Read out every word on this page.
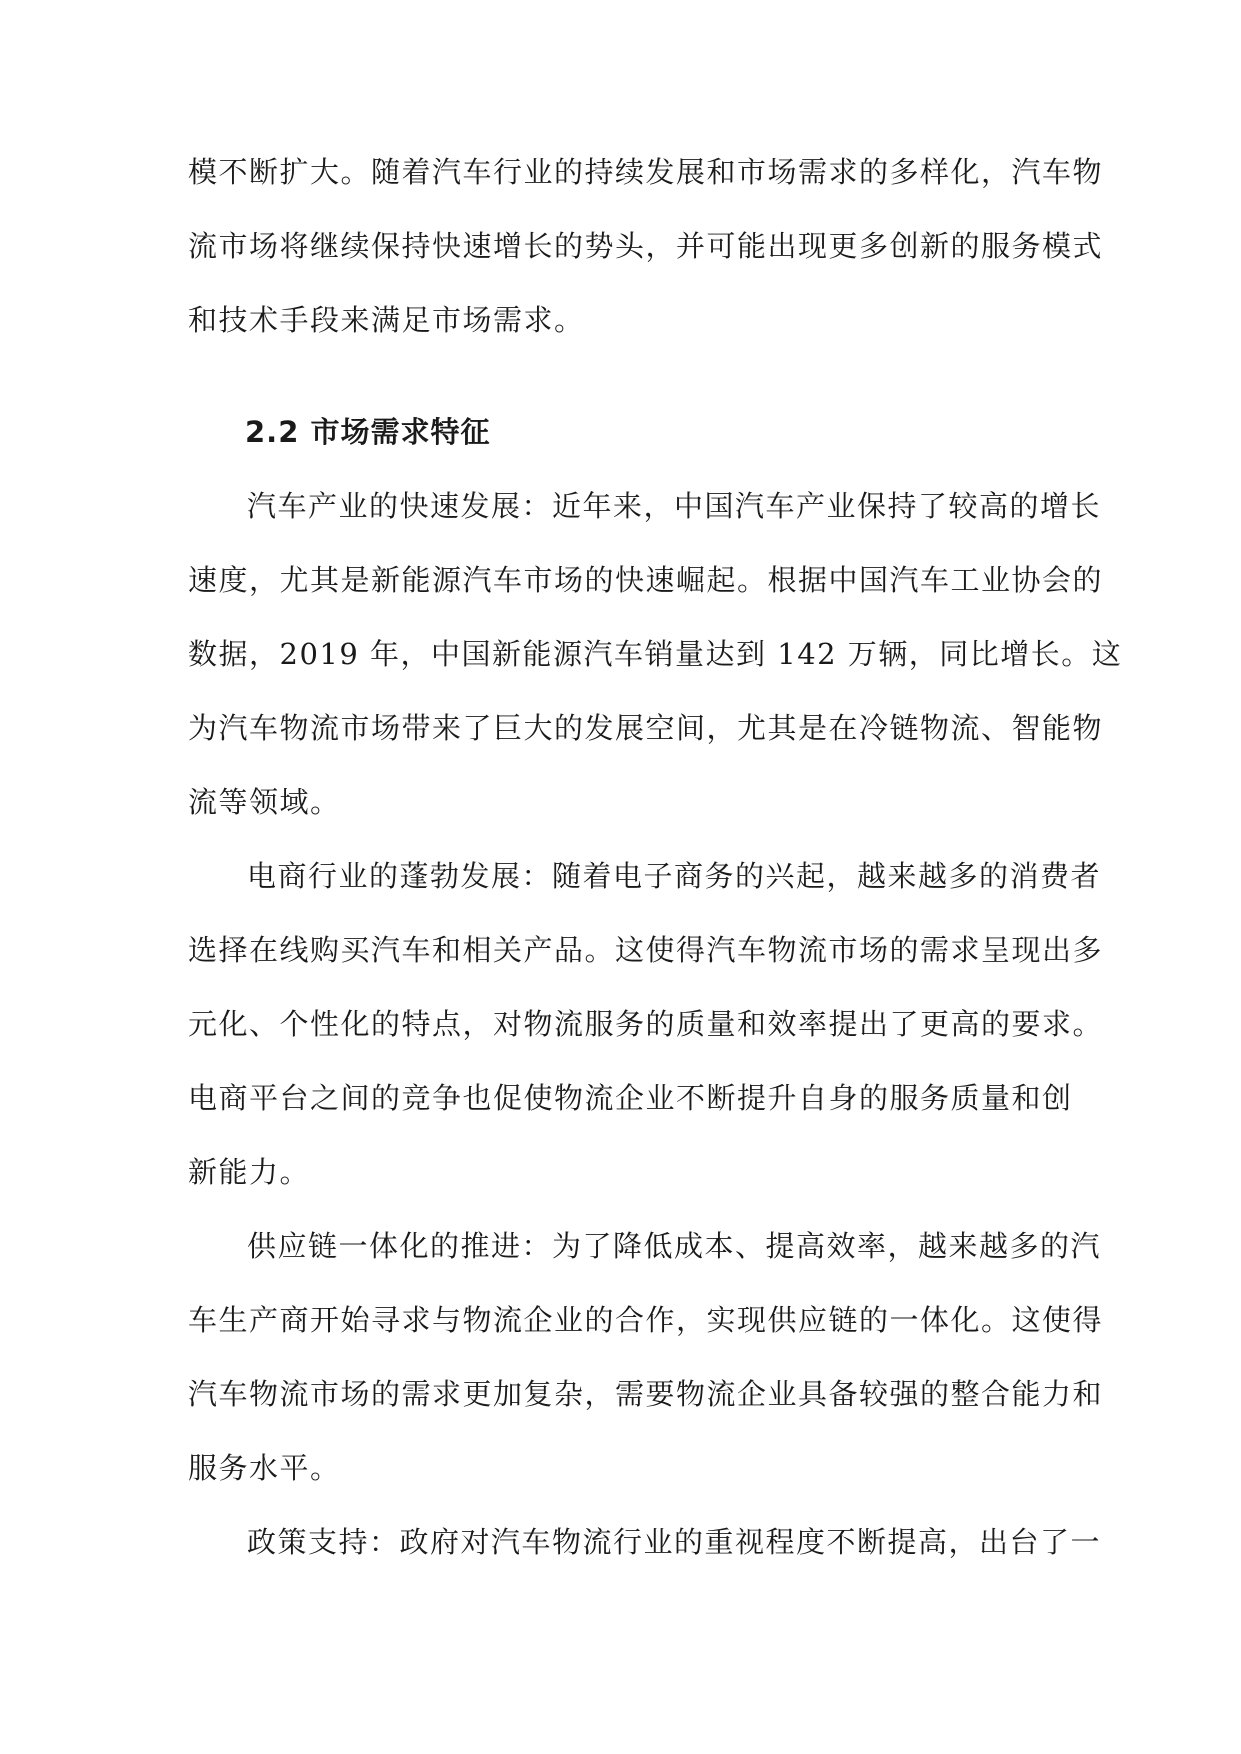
模不断扩大。随着汽车行业的持续发展和市场需求的多样化，汽车物
流市场将继续保持快速增长的势头，并可能出现更多创新的服务模式
和技术手段来满足市场需求。
2.2 市场需求特征
汽车产业的快速发展：近年来，中国汽车产业保持了较高的增长
速度，尤其是新能源汽车市场的快速崛起。根据中国汽车工业协会的
数据，2019 年，中国新能源汽车销量达到 142 万辆，同比增长。这
为汽车物流市场带来了巨大的发展空间，尤其是在冷链物流、智能物
流等领域。
电商行业的蓬勃发展：随着电子商务的兴起，越来越多的消费者
选择在线购买汽车和相关产品。这使得汽车物流市场的需求呈现出多
元化、个性化的特点，对物流服务的质量和效率提出了更高的要求。
电商平台之间的竞争也促使物流企业不断提升自身的服务质量和创
新能力。
供应链一体化的推进：为了降低成本、提高效率，越来越多的汽
车生产商开始寻求与物流企业的合作，实现供应链的一体化。这使得
汽车物流市场的需求更加复杂，需要物流企业具备较强的整合能力和
服务水平。
政策支持：政府对汽车物流行业的重视程度不断提高，出台了一
